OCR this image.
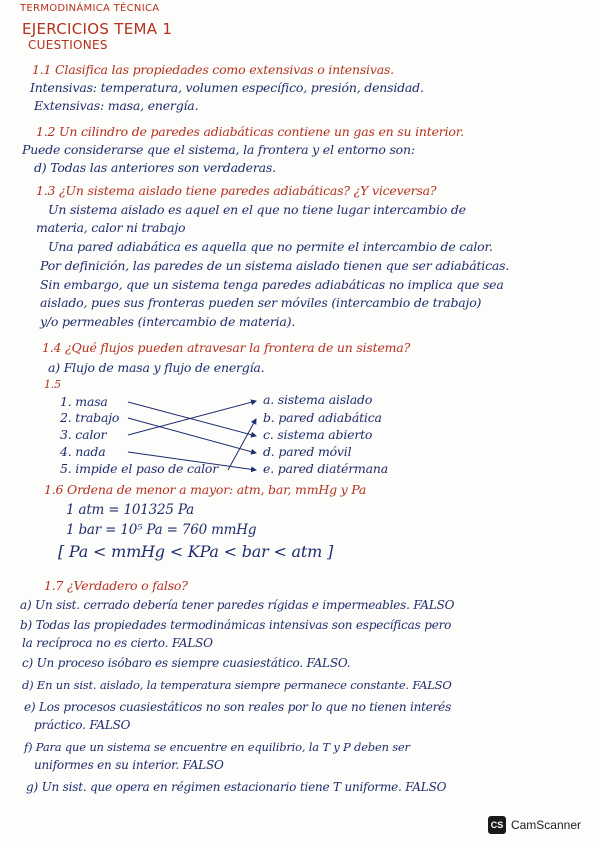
TERMODINÁMICA TÉCNICA
EJERCICIOS TEMA 1
CUESTIONES
1.1 Clasifica las propiedades como extensivas o intensivas.
Intensivas: temperatura, volumen específico, presión, densidad.
Extensivas: masa, energía.
1.2 Un cilindro de paredes adiabáticas contiene un gas en su interior.
Puede considerarse que el sistema, la frontera y el entorno son:
d) Todas las anteriores son verdaderas.
1.3 ¿Un sistema aislado tiene paredes adiabáticas? ¿Y viceversa?
Un sistema aislado es aquel en el que no tiene lugar intercambio de
materia, calor ni trabajo
Una pared adiabática es aquella que no permite el intercambio de calor.
Por definición, las paredes de un sistema aislado tienen que ser adiabáticas.
Sin embargo, que un sistema tenga paredes adiabáticas no implica que sea
aislado, pues sus fronteras pueden ser móviles (intercambio de trabajo)
y/o permeables (intercambio de materia).
1.4 ¿Qué flujos pueden atravesar la frontera de un sistema?
a) Flujo de masa y flujo de energía.
1.5
1. masa
2. trabajo
3. calor
4. nada
5. impide el paso de calor
a. sistema aislado
b. pared adiabática
c. sistema abierto
d. pared móvil
e. pared diatérmana
1.6 Ordena de menor a mayor: atm, bar, mmHg y Pa
1 atm = 101325 Pa
1 bar = 10⁵ Pa = 760 mmHg
[ Pa < mmHg < KPa < bar < atm ]
1.7 ¿Verdadero o falso?
a) Un sist. cerrado debería tener paredes rígidas e impermeables. FALSO
b) Todas las propiedades termodinámicas intensivas son específicas pero
la recíproca no es cierto. FALSO
c) Un proceso isóbaro es siempre cuasiestático. FALSO.
d) En un sist. aislado, la temperatura siempre permanece constante. FALSO
e) Los procesos cuasiestáticos no son reales por lo que no tienen interés
práctico. FALSO
f) Para que un sistema se encuentre en equilibrio, la T y P deben ser
uniformes en su interior. FALSO
g) Un sist. que opera en régimen estacionario tiene T uniforme. FALSO
CS CamScanner
